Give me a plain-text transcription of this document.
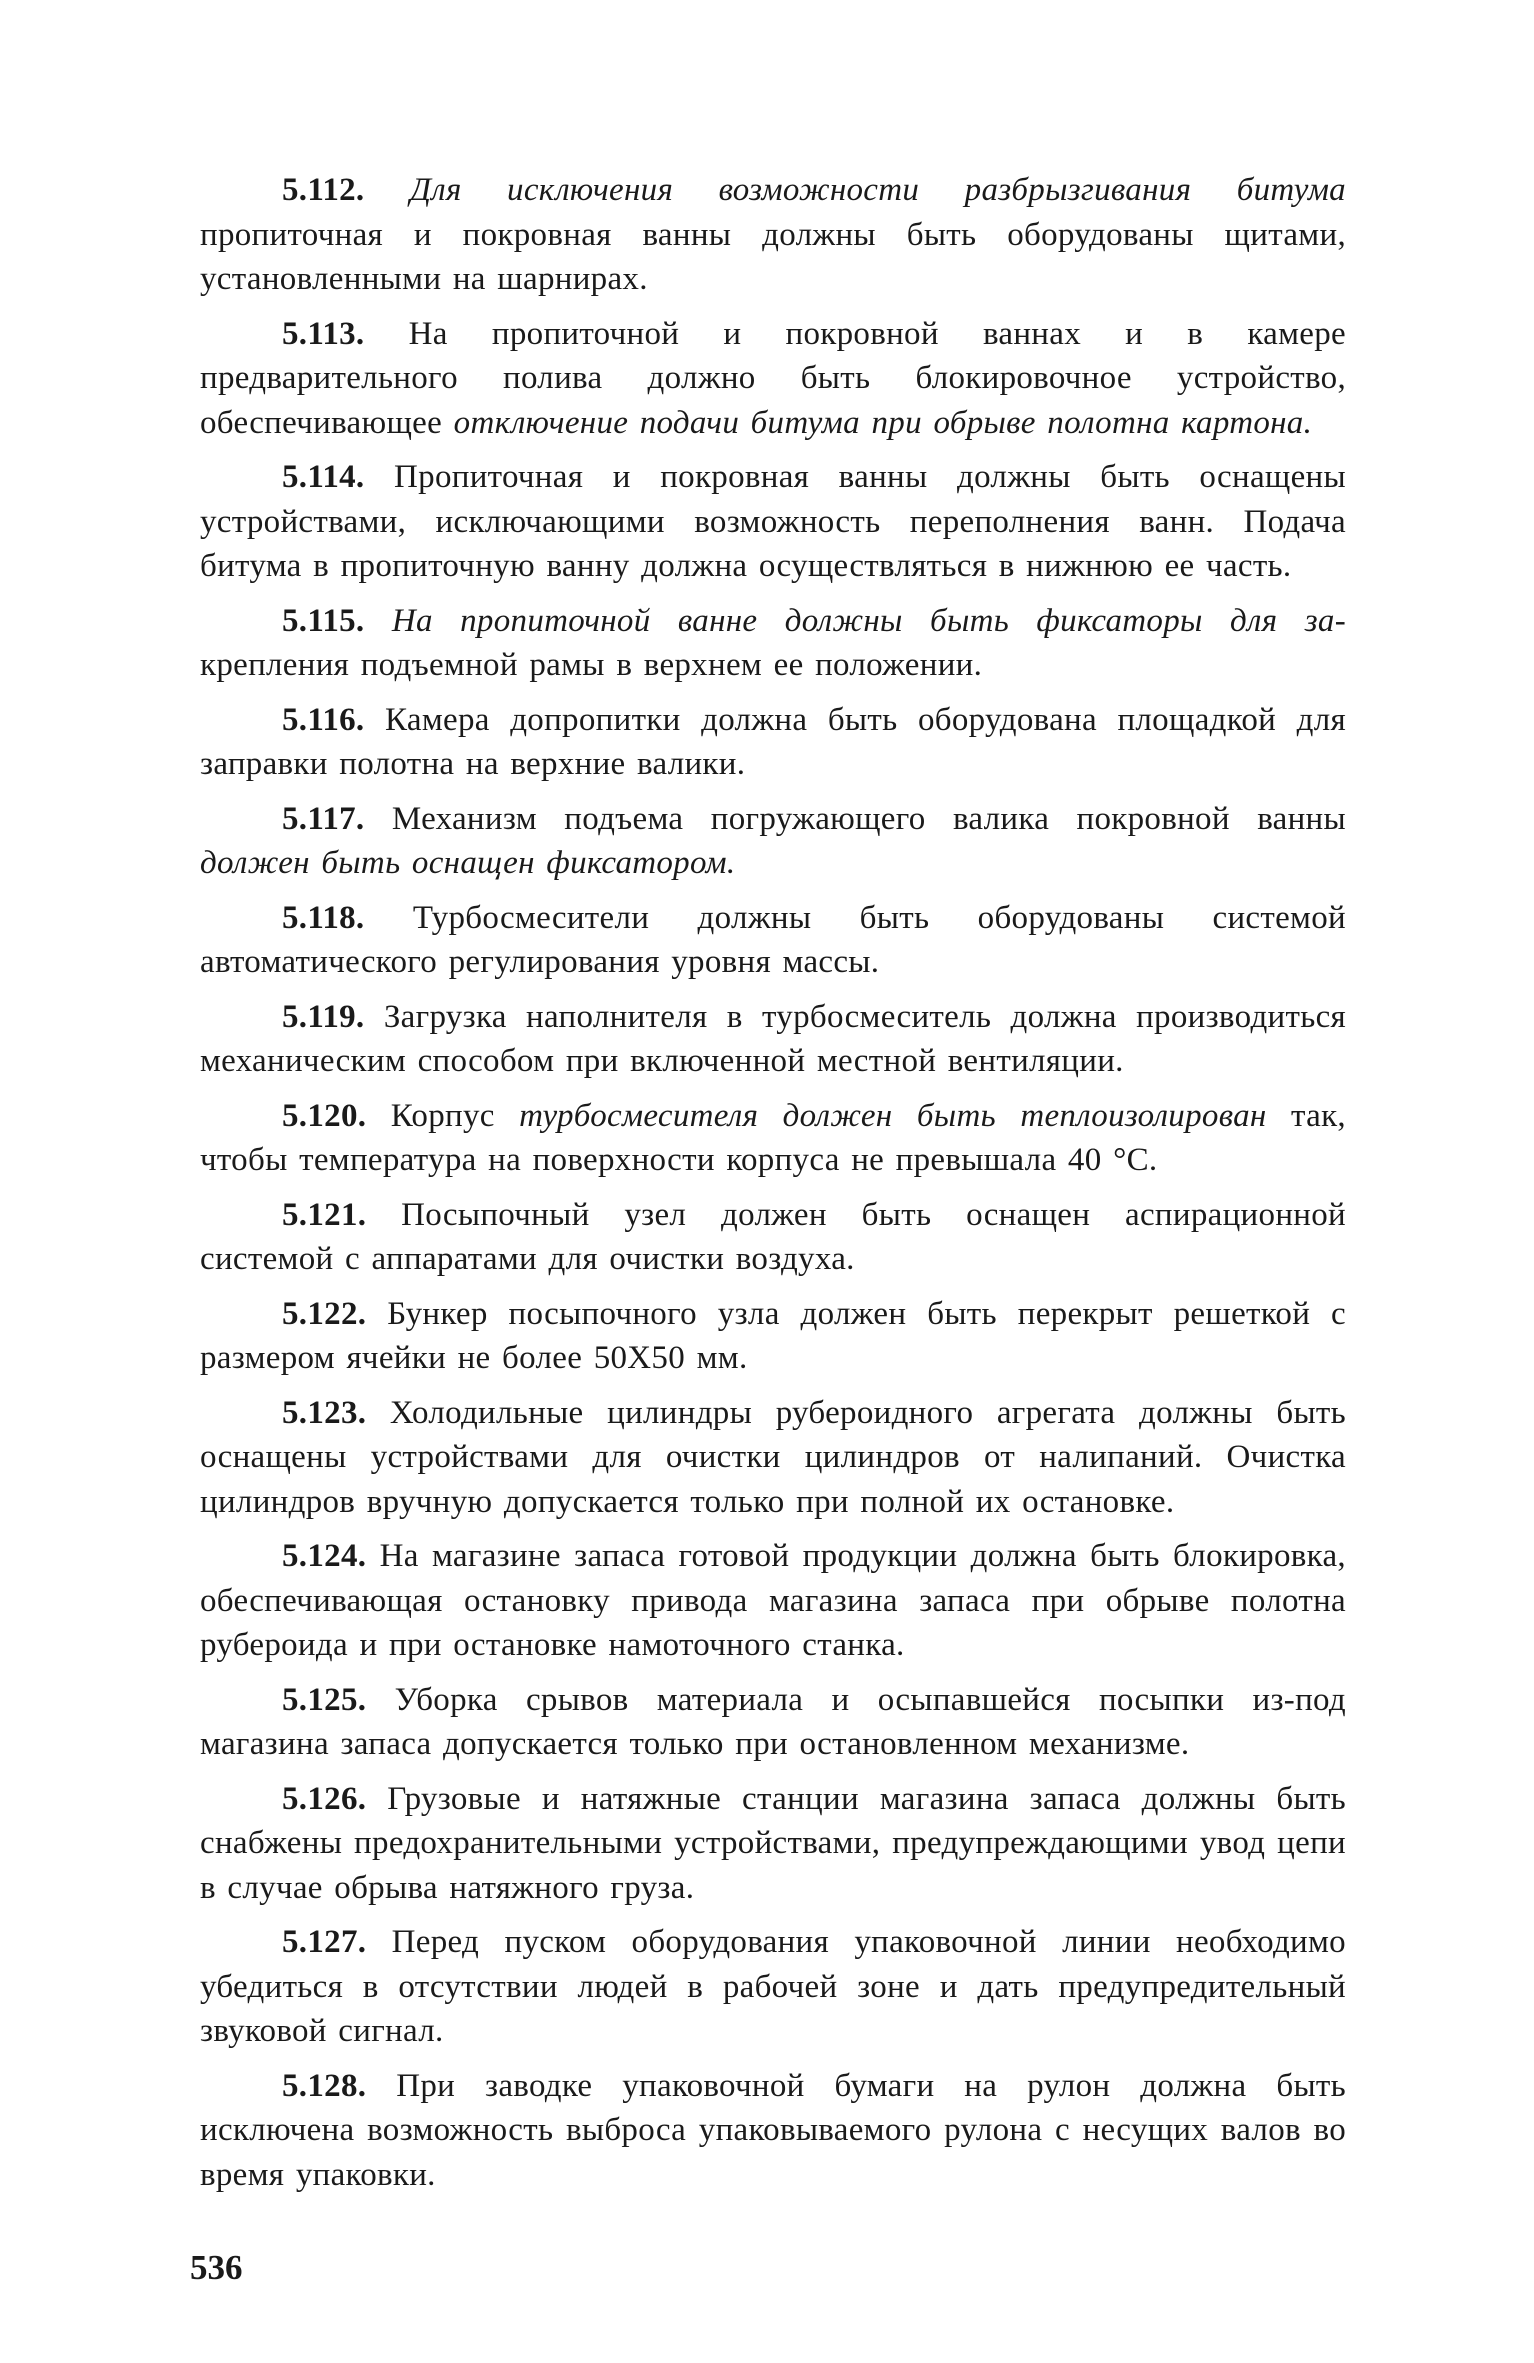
5.112. Для исключения возможности разбрызгивания битума пропиточная и покровная ванны должны быть оборудованы щитами, установленными на шарнирах.

5.113. На пропиточной и покровной ваннах и в камере предварительного полива должно быть блокировочное устройство, обеспечивающее отключение подачи битума при обрыве полотна картона.

5.114. Пропиточная и покровная ванны должны быть оснащены устройствами, исключающими возможность переполнения ванн. Подача битума в пропиточную ванну должна осуществляться в нижнюю ее часть.

5.115. На пропиточной ванне должны быть фиксаторы для за- крепления подъемной рамы в верхнем ее положении.

5.116. Камера допропитки должна быть оборудована площадкой для заправки полотна на верхние валики.

5.117. Механизм подъема погружающего валика покровной ванны должен быть оснащен фиксатором.

5.118. Турбосмесители должны быть оборудованы системой автоматического регулирования уровня массы.

5.119. Загрузка наполнителя в турбосмеситель должна производиться механическим способом при включенной местной вентиляции.

5.120. Корпус турбосмесителя должен быть теплоизолирован так, чтобы температура на поверхности корпуса не превышала 40 °С.

5.121. Посыпочный узел должен быть оснащен аспирационной системой с аппаратами для очистки воздуха.

5.122. Бункер посыпочного узла должен быть перекрыт решеткой с размером ячейки не более 50Х50 мм.

5.123. Холодильные цилиндры рубероидного агрегата должны быть оснащены устройствами для очистки цилиндров от налипаний. Очистка цилиндров вручную допускается только при полной их остановке.

5.124. На магазине запаса готовой продукции должна быть блокировка, обеспечивающая остановку привода магазина запаса при обрыве полотна рубероида и при остановке намоточного станка.

5.125. Уборка срывов материала и осыпавшейся посыпки из-под магазина запаса допускается только при остановленном механизме.

5.126. Грузовые и натяжные станции магазина запаса должны быть снабжены предохранительными устройствами, предупреждающими увод цепи в случае обрыва натяжного груза.

5.127. Перед пуском оборудования упаковочной линии необходимо убедиться в отсутствии людей в рабочей зоне и дать предупредительный звуковой сигнал.

5.128. При заводке упаковочной бумаги на рулон должна быть исключена возможность выброса упаковываемого рулона с несущих валов во время упаковки.

536
